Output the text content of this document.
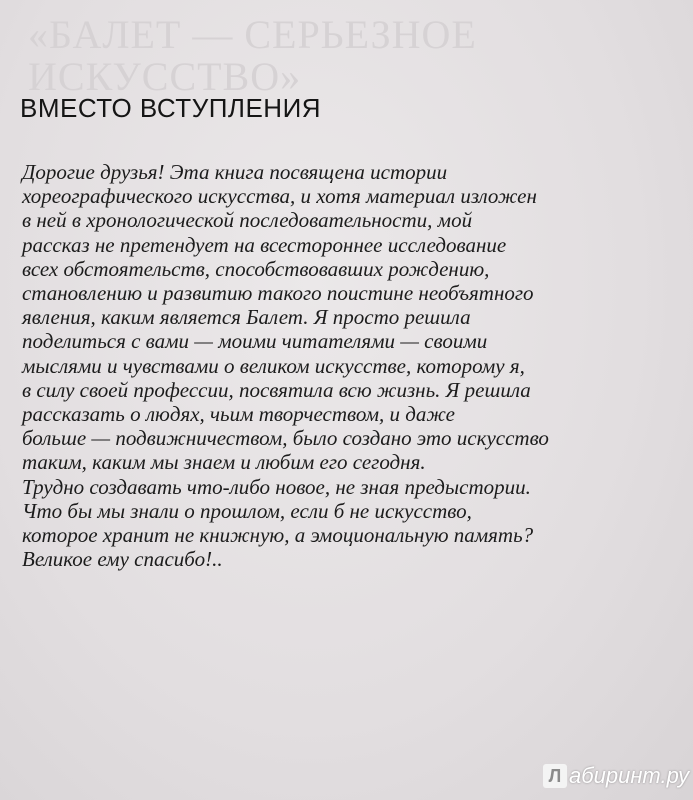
«БАЛЕТ — СЕРЬЕЗНОЕ
ИСКУССТВО»
ВМЕСТО ВСТУПЛЕНИЯ
Дорогие друзья! Эта книга посвящена истории
хореографического искусства, и хотя материал изложен
в ней в хронологической последовательности, мой
рассказ не претендует на всестороннее исследование
всех обстоятельств, способствовавших рождению,
становлению и развитию такого поистине необъятного
явления, каким является Балет. Я просто решила
поделиться с вами — моими читателями — своими
мыслями и чувствами о великом искусстве, которому я,
в силу своей профессии, посвятила всю жизнь. Я решила
рассказать о людях, чьим творчеством, и даже
больше — подвижничеством, было создано это искусство
таким, каким мы знаем и любим его сегодня.
Трудно создавать что-либо новое, не зная предыстории.
Что бы мы знали о прошлом, если б не искусство,
которое хранит не книжную, а эмоциональную память?
Великое ему спасибо!..
Л абиринт.ру
